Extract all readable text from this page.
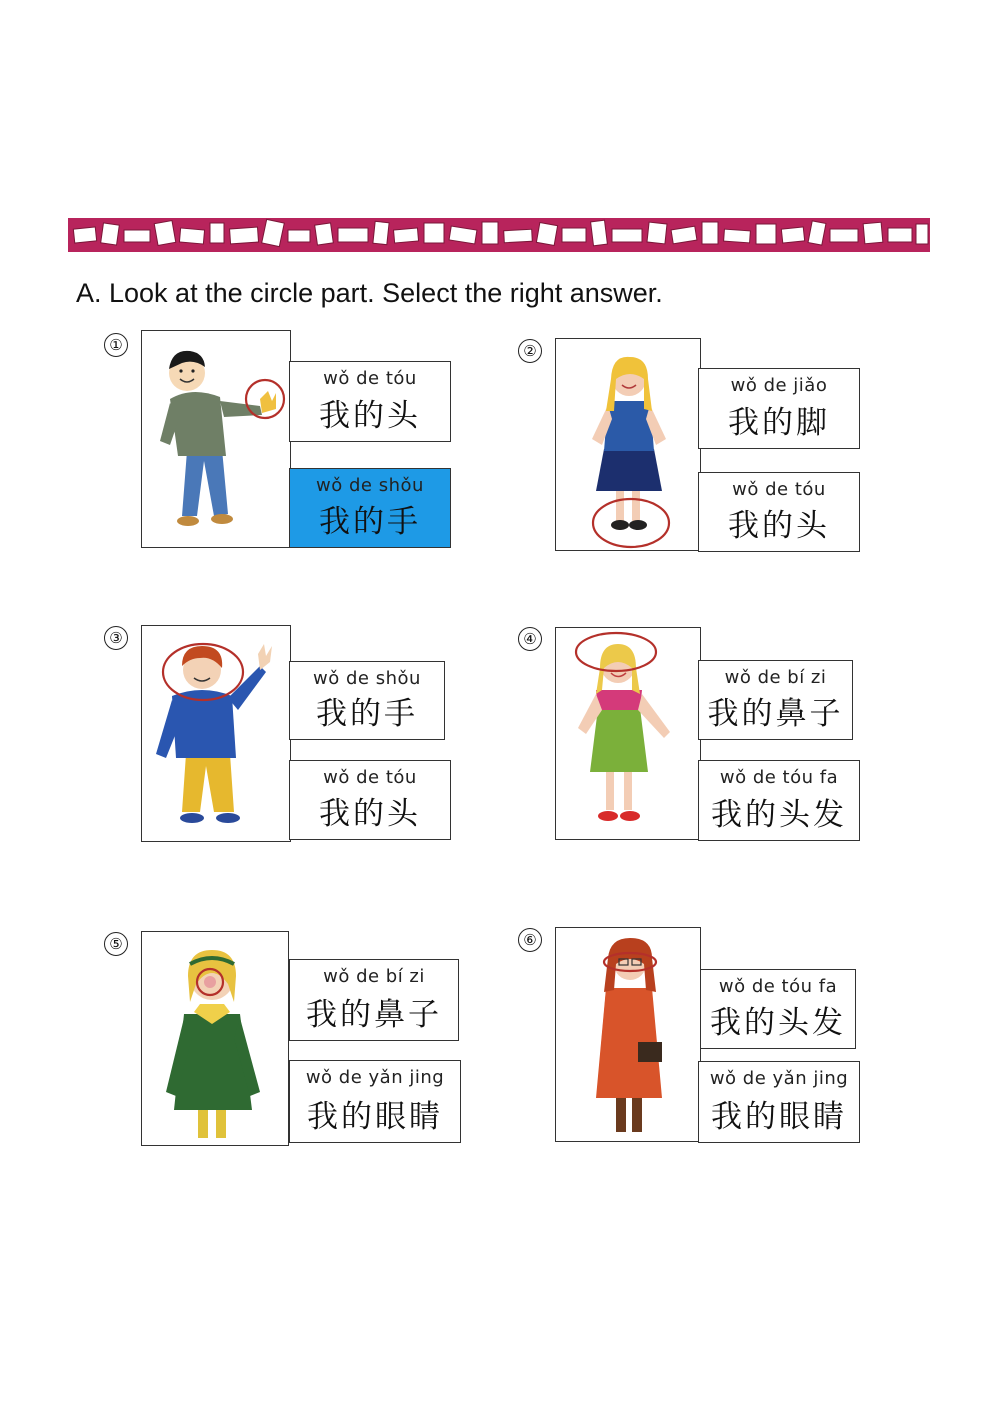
A. Look at the circle part. Select the right answer.
①
wǒ de tóu
我的头
wǒ de shǒu
我的手
②
wǒ de jiǎo
我的脚
wǒ de tóu
我的头
③
wǒ de shǒu
我的手
wǒ de tóu
我的头
④
wǒ de bí zi
我的鼻子
wǒ de tóu fa
我的头发
⑤
wǒ de bí zi
我的鼻子
wǒ de yǎn jing
我的眼睛
⑥
wǒ de tóu fa
我的头发
wǒ de yǎn jing
我的眼睛
